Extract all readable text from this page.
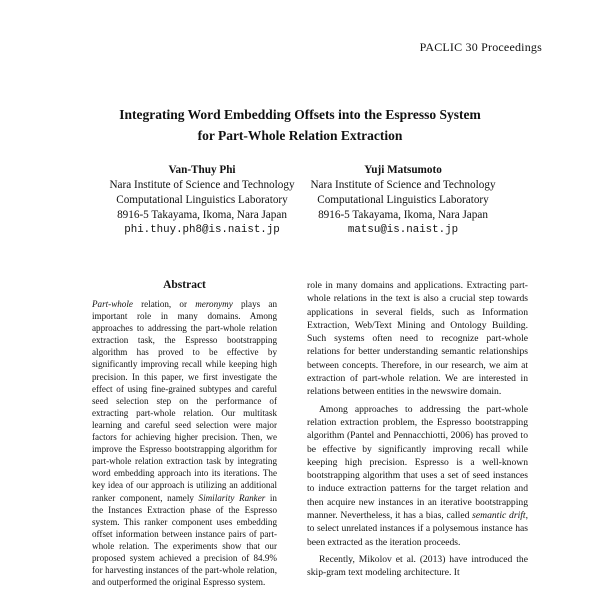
PACLIC 30 Proceedings
Integrating Word Embedding Offsets into the Espresso System
for Part-Whole Relation Extraction
Van-Thuy Phi
Nara Institute of Science and Technology
Computational Linguistics Laboratory
8916-5 Takayama, Ikoma, Nara Japan
phi.thuy.ph8@is.naist.jp
Yuji Matsumoto
Nara Institute of Science and Technology
Computational Linguistics Laboratory
8916-5 Takayama, Ikoma, Nara Japan
matsu@is.naist.jp
Abstract
Part-whole relation, or meronymy plays an important role in many domains. Among approaches to addressing the part-whole relation extraction task, the Espresso bootstrapping algorithm has proved to be effective by significantly improving recall while keeping high precision. In this paper, we first investigate the effect of using fine-grained subtypes and careful seed selection step on the performance of extracting part-whole relation. Our multitask learning and careful seed selection were major factors for achieving higher precision. Then, we improve the Espresso bootstrapping algorithm for part-whole relation extraction task by integrating word embedding approach into its iterations. The key idea of our approach is utilizing an additional ranker component, namely Similarity Ranker in the Instances Extraction phase of the Espresso system. This ranker component uses embedding offset information between instance pairs of part-whole relation. The experiments show that our proposed system achieved a precision of 84.9% for harvesting instances of the part-whole relation, and outperformed the original Espresso system.

role in many domains and applications. Extracting part-whole relations in the text is also a crucial step towards applications in several fields, such as Information Extraction, Web/Text Mining and Ontology Building. Such systems often need to recognize part-whole relations for better understanding semantic relationships between concepts. Therefore, in our research, we aim at extraction of part-whole relation. We are interested in relations between entities in the newswire domain.

Among approaches to addressing the part-whole relation extraction problem, the Espresso bootstrapping algorithm (Pantel and Pennacchiotti, 2006) has proved to be effective by significantly improving recall while keeping high precision. Espresso is a well-known bootstrapping algorithm that uses a set of seed instances to induce extraction patterns for the target relation and then acquire new instances in an iterative bootstrapping manner. Nevertheless, it has a bias, called semantic drift, to select unrelated instances if a polysemous instance has been extracted as the iteration proceeds.

Recently, Mikolov et al. (2013) have introduced the skip-gram text modeling architecture. It
